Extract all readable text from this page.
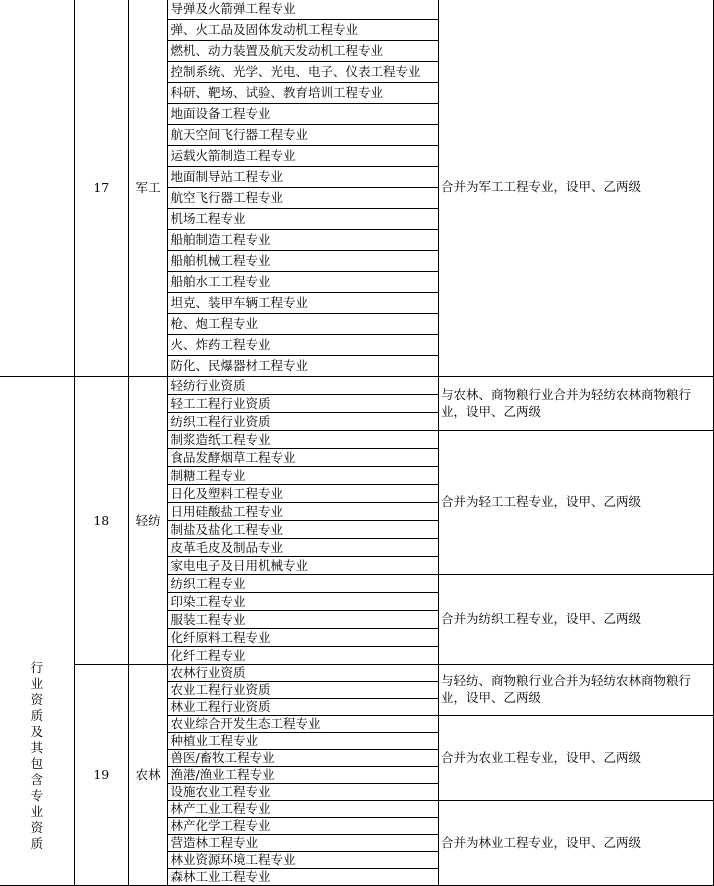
	17	军工	导弹及火箭弹工程专业	合并为军工工程专业，设甲、乙两级
			弹、火工品及固体发动机工程专业	
			燃机、动力装置及航天发动机工程专业	
			控制系统、光学、光电、电子、仪表工程专业	
			科研、靶场、试验、教育培训工程专业	
			地面设备工程专业	
			航天空间飞行器工程专业	
			运载火箭制造工程专业	
			地面制导站工程专业	
			航空飞行器工程专业	
			机场工程专业	
			船舶制造工程专业	
			船舶机械工程专业	
			船舶水工工程专业	
			坦克、装甲车辆工程专业	
			枪、炮工程专业	
			火、炸药工程专业	
			防化、民爆器材工程专业	
行业资质及其包含专业资质	18	轻纺	轻纺行业资质	与农林、商物粮行业合并为轻纺农林商物粮行业，设甲、乙两级
			轻工工程行业资质	
			纺织工程行业资质	
			制浆造纸工程专业	合并为轻工工程专业，设甲、乙两级
			食品发酵烟草工程专业	
			制糖工程专业	
			日化及塑料工程专业	
			日用硅酸盐工程专业	
			制盐及盐化工程专业	
			皮革毛皮及制品专业	
			家电电子及日用机械专业	
			纺织工程专业	合并为纺织工程专业，设甲、乙两级
			印染工程专业	
			服装工程专业	
			化纤原料工程专业	
			化纤工程专业	
	19	农林	农林行业资质	与轻纺、商物粮行业合并为轻纺农林商物粮行业，设甲、乙两级
			农业工程行业资质	
			林业工程行业资质	
			农业综合开发生态工程专业	合并为农业工程专业，设甲、乙两级
			种植业工程专业	
			兽医/畜牧工程专业	
			渔港/渔业工程专业	
			设施农业工程专业	
			林产工业工程专业	合并为林业工程专业，设甲、乙两级
			林产化学工程专业	
			营造林工程专业	
			林业资源环境工程专业	
			森林工业工程专业	
